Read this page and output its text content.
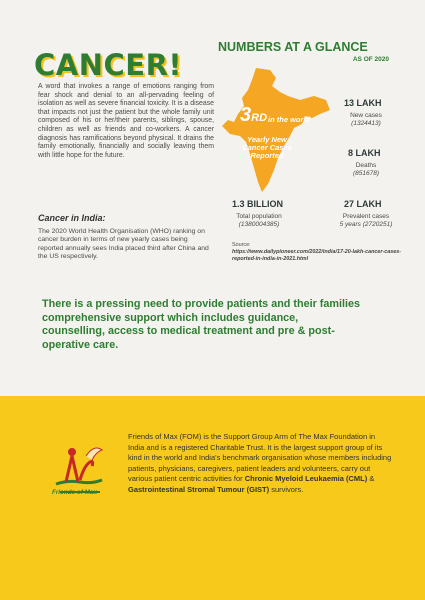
CANCER!

A word that invokes a range of emotions ranging from fear shock and denial to an all-pervading feeling of isolation as well as severe financial toxicity. It is a disease that impacts not just the patient but the whole family unit composed of his or her/their parents, siblings, spouse, children as well as friends and co-workers. A cancer diagnosis has ramifications beyond physical. It drains the family emotionally, financially and socially leaving them with little hope for the future.

Cancer in India:

The 2020 World Health Organisation (WHO) ranking on cancer burden in terms of new yearly cases being reported annually sees India placed third after China and the US respectively.

NUMBERS AT A GLANCE
AS OF 2020
3RD in the world
Yearly New Cancer Cases Reported
13 LAKH
New cases
(1324413)
8 LAKH
Deaths
(851678)
1.3 BILLION
Total population
(1380004385)
27 LAKH
Prevalent cases
5 years (2720251)
Source:
https://www.dailypioneer.com/2022/india/17-20-lakh-cancer-cases-reported-in-india-in-2021.html

There is a pressing need to provide patients and their families comprehensive support which includes guidance, counselling, access to medical treatment and pre & post-operative care.

Friends of Max

Friends of Max (FOM) is the Support Group Arm of The Max Foundation in India and is a registered Charitable Trust. It is the largest support group of its kind in the world and India's benchmark organisation whose members including patients, physicians, caregivers, patient leaders and volunteers, carry out various patient centric activities for Chronic Myeloid Leukaemia (CML) & Gastrointestinal Stromal Tumour (GIST) survivors.
